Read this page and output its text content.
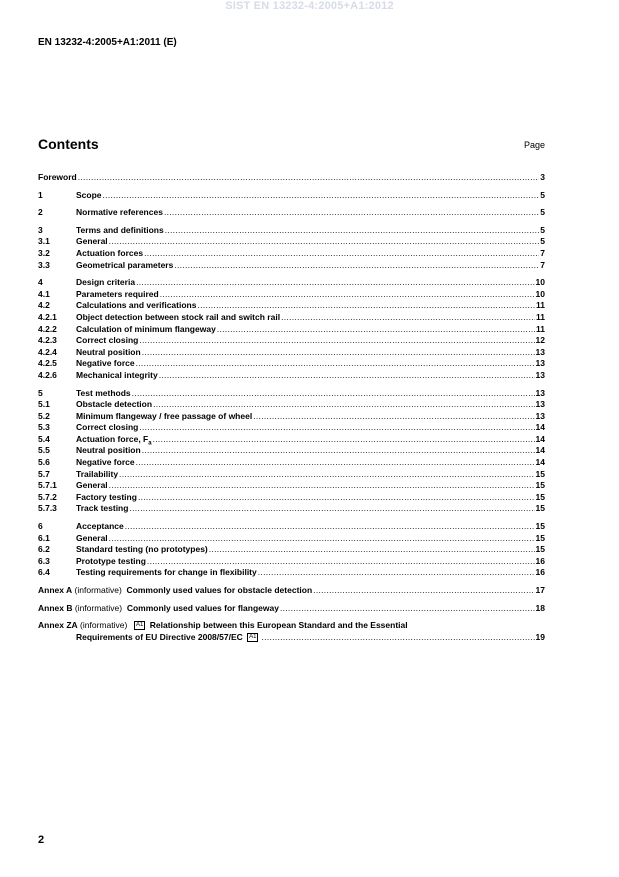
SIST EN 13232-4:2005+A1:2012
EN 13232-4:2005+A1:2011 (E)
Contents	Page
Foreword .....	3
1	Scope .....	5
2	Normative references .....	5
3	Terms and definitions .....	5
3.1	General .....	5
3.2	Actuation forces .....	7
3.3	Geometrical parameters .....	7
4	Design criteria .....	10
4.1	Parameters required .....	10
4.2	Calculations and verifications .....	11
4.2.1	Object detection between stock rail and switch rail .....	11
4.2.2	Calculation of minimum flangeway .....	11
4.2.3	Correct closing .....	12
4.2.4	Neutral position .....	13
4.2.5	Negative force .....	13
4.2.6	Mechanical integrity .....	13
5	Test methods .....	13
5.1	Obstacle detection .....	13
5.2	Minimum flangeway / free passage of wheel .....	13
5.3	Correct closing .....	14
5.4	Actuation force, $F_a$ .....	14
5.5	Neutral position .....	14
5.6	Negative force .....	14
5.7	Trailability .....	15
5.7.1	General .....	15
5.7.2	Factory testing .....	15
5.7.3	Track testing .....	15
6	Acceptance .....	15
6.1	General .....	15
6.2	Standard testing (no prototypes) .....	15
6.3	Prototype testing .....	16
6.4	Testing requirements for change in flexibility .....	16
Annex A (informative) Commonly used values for obstacle detection .....	17
Annex B (informative) Commonly used values for flangeway .....	18
Annex ZA (informative) A1 Relationship between this European Standard and the Essential
Requirements of EU Directive 2008/57/EC A1 .....	19
2
